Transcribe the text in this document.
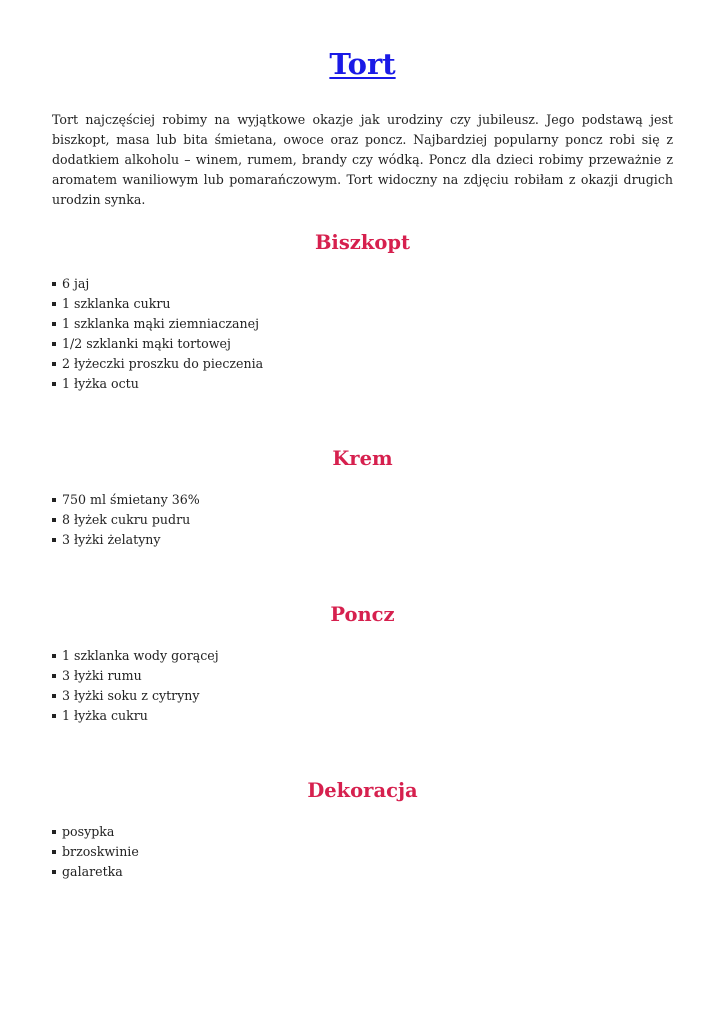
Tort

Tort najczęściej robimy na wyjątkowe okazje jak urodziny czy jubileusz. Jego podstawą jest biszkopt, masa lub bita śmietana, owoce oraz poncz. Najbardziej popularny poncz robi się z dodatkiem alkoholu – winem, rumem, brandy czy wódką. Poncz dla dzieci robimy przeważnie z aromatem waniliowym lub pomarańczowym. Tort widoczny na zdjęciu robiłam z okazji drugich urodzin synka.

Biszkopt
6 jaj
1 szklanka cukru
1 szklanka mąki ziemniaczanej
1/2 szklanki mąki tortowej
2 łyżeczki proszku do pieczenia
1 łyżka octu
Krem
750 ml śmietany 36%
8 łyżek cukru pudru
3 łyżki żelatyny
Poncz
1 szklanka wody gorącej
3 łyżki rumu
3 łyżki soku z cytryny
1 łyżka cukru
Dekoracja
posypka
brzoskwinie
galaretka
